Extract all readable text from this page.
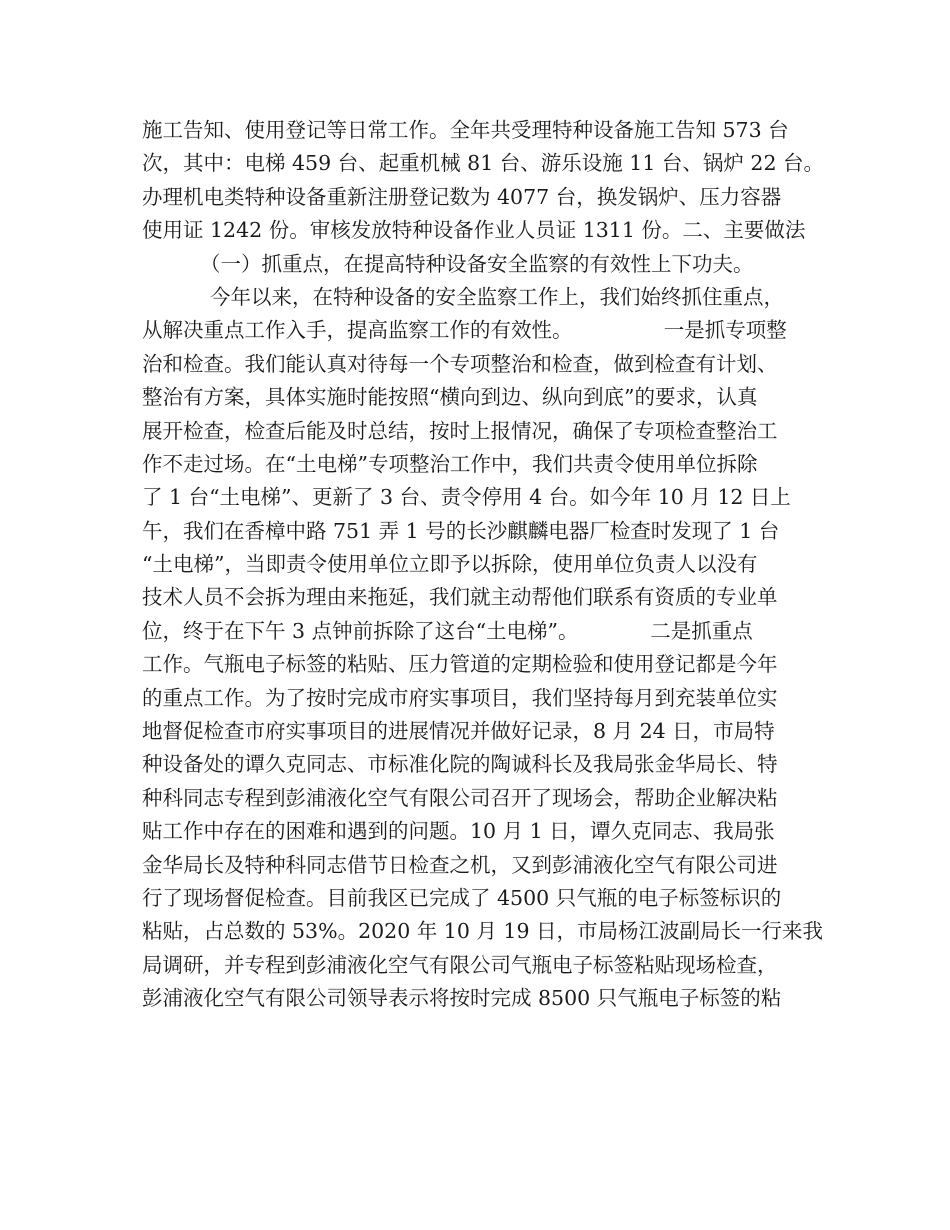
施工告知、使用登记等日常工作。全年共受理特种设备施工告知 573 台
次，其中：电梯 459 台、起重机械 81 台、游乐设施 11 台、锅炉 22 台。
办理机电类特种设备重新注册登记数为 4077 台，换发锅炉、压力容器
使用证 1242 份。审核发放特种设备作业人员证 1311 份。二、主要做法
（一）抓重点，在提高特种设备安全监察的有效性上下功夫。
今年以来，在特种设备的安全监察工作上，我们始终抓住重点，
从解决重点工作入手，提高监察工作的有效性。              一是抓专项整
治和检查。我们能认真对待每一个专项整治和检查，做到检查有计划、
整治有方案，具体实施时能按照“横向到边、纵向到底”的要求，认真
展开检查，检查后能及时总结，按时上报情况，确保了专项检查整治工
作不走过场。在“土电梯”专项整治工作中，我们共责令使用单位拆除
了 1 台“土电梯”、更新了 3 台、责令停用 4 台。如今年 10 月 12 日上
午，我们在香樟中路 751 弄 1 号的长沙麒麟电器厂检查时发现了 1 台
“土电梯”，当即责令使用单位立即予以拆除，使用单位负责人以没有
技术人员不会拆为理由来拖延，我们就主动帮他们联系有资质的专业单
位，终于在下午 3 点钟前拆除了这台“土电梯”。           二是抓重点
工作。气瓶电子标签的粘贴、压力管道的定期检验和使用登记都是今年
的重点工作。为了按时完成市府实事项目，我们坚持每月到充装单位实
地督促检查市府实事项目的进展情况并做好记录，8 月 24 日，市局特
种设备处的谭久克同志、市标准化院的陶诚科长及我局张金华局长、特
种科同志专程到彭浦液化空气有限公司召开了现场会，帮助企业解决粘
贴工作中存在的困难和遇到的问题。10 月 1 日，谭久克同志、我局张
金华局长及特种科同志借节日检查之机，又到彭浦液化空气有限公司进
行了现场督促检查。目前我区已完成了 4500 只气瓶的电子标签标识的
粘贴，占总数的 53%。2020 年 10 月 19 日，市局杨江波副局长一行来我
局调研，并专程到彭浦液化空气有限公司气瓶电子标签粘贴现场检查，
彭浦液化空气有限公司领导表示将按时完成 8500 只气瓶电子标签的粘
